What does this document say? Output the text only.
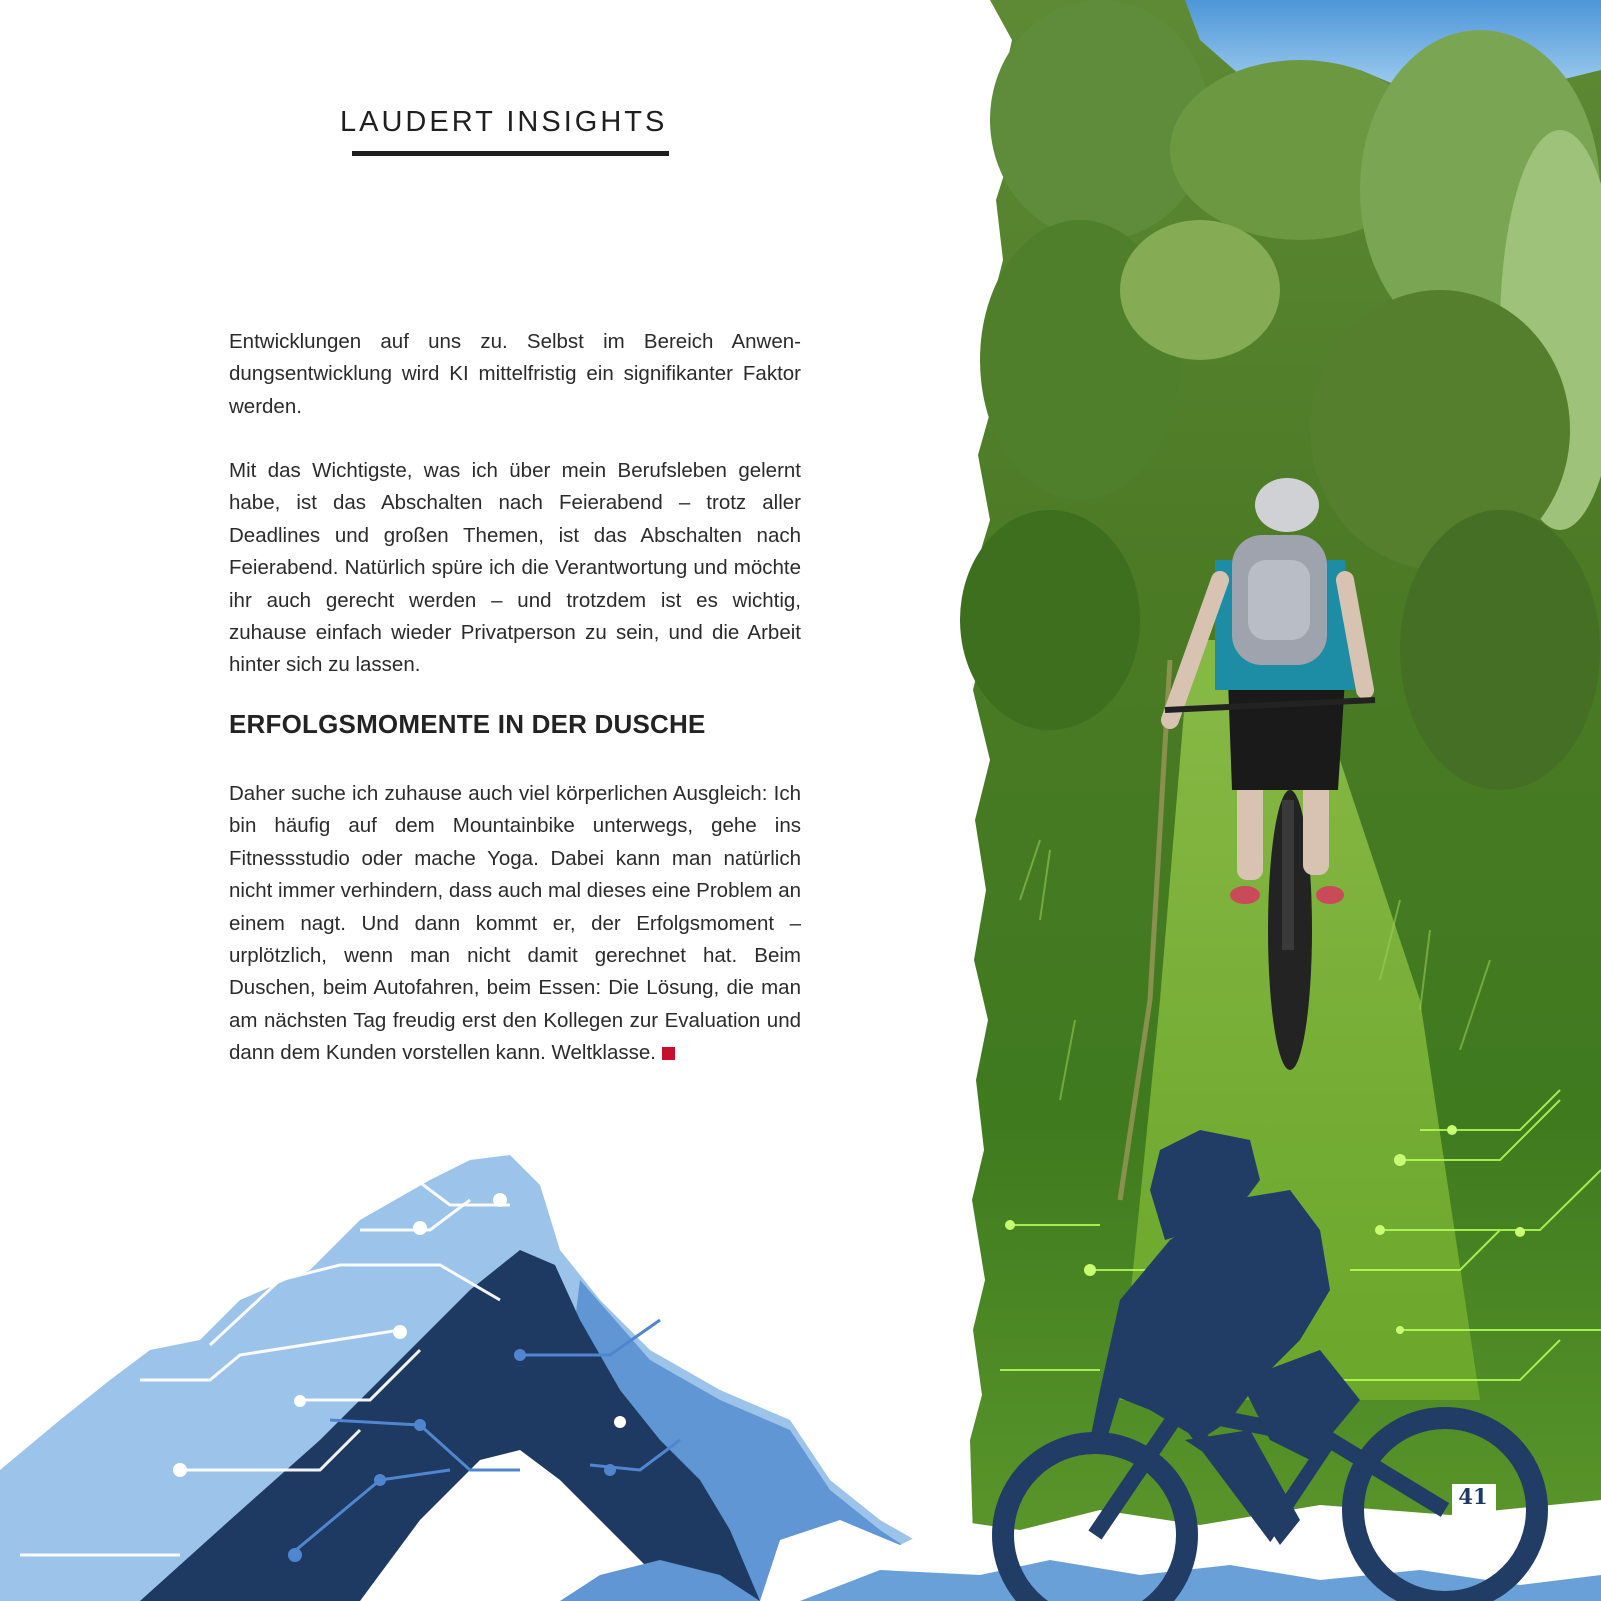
LAUDERT INSIGHTS

Entwicklungen auf uns zu. Selbst im Bereich Anwendungsentwicklung wird KI mittelfristig ein signifikanter Faktor werden.

Mit das Wichtigste, was ich über mein Berufsleben gelernt habe, ist das Abschalten nach Feierabend – trotz aller Deadlines und großen Themen, ist das Abschalten nach Feierabend. Natürlich spüre ich die Verantwortung und möchte ihr auch gerecht werden – und trotzdem ist es wichtig, zuhause einfach wieder Privatperson zu sein, und die Arbeit hinter sich zu lassen.

ERFOLGSMOMENTE IN DER DUSCHE

Daher suche ich zuhause auch viel körperlichen Ausgleich: Ich bin häufig auf dem Mountainbike unterwegs, gehe ins Fitnessstudio oder mache Yoga. Dabei kann man natürlich nicht immer verhindern, dass auch mal dieses eine Problem an einem nagt. Und dann kommt er, der Erfolgsmoment – urplötzlich, wenn man nicht damit gerechnet hat. Beim Duschen, beim Autofahren, beim Essen: Die Lösung, die man am nächsten Tag freudig erst den Kollegen zur Evaluation und dann dem Kunden vorstellen kann. Weltklasse.

41
